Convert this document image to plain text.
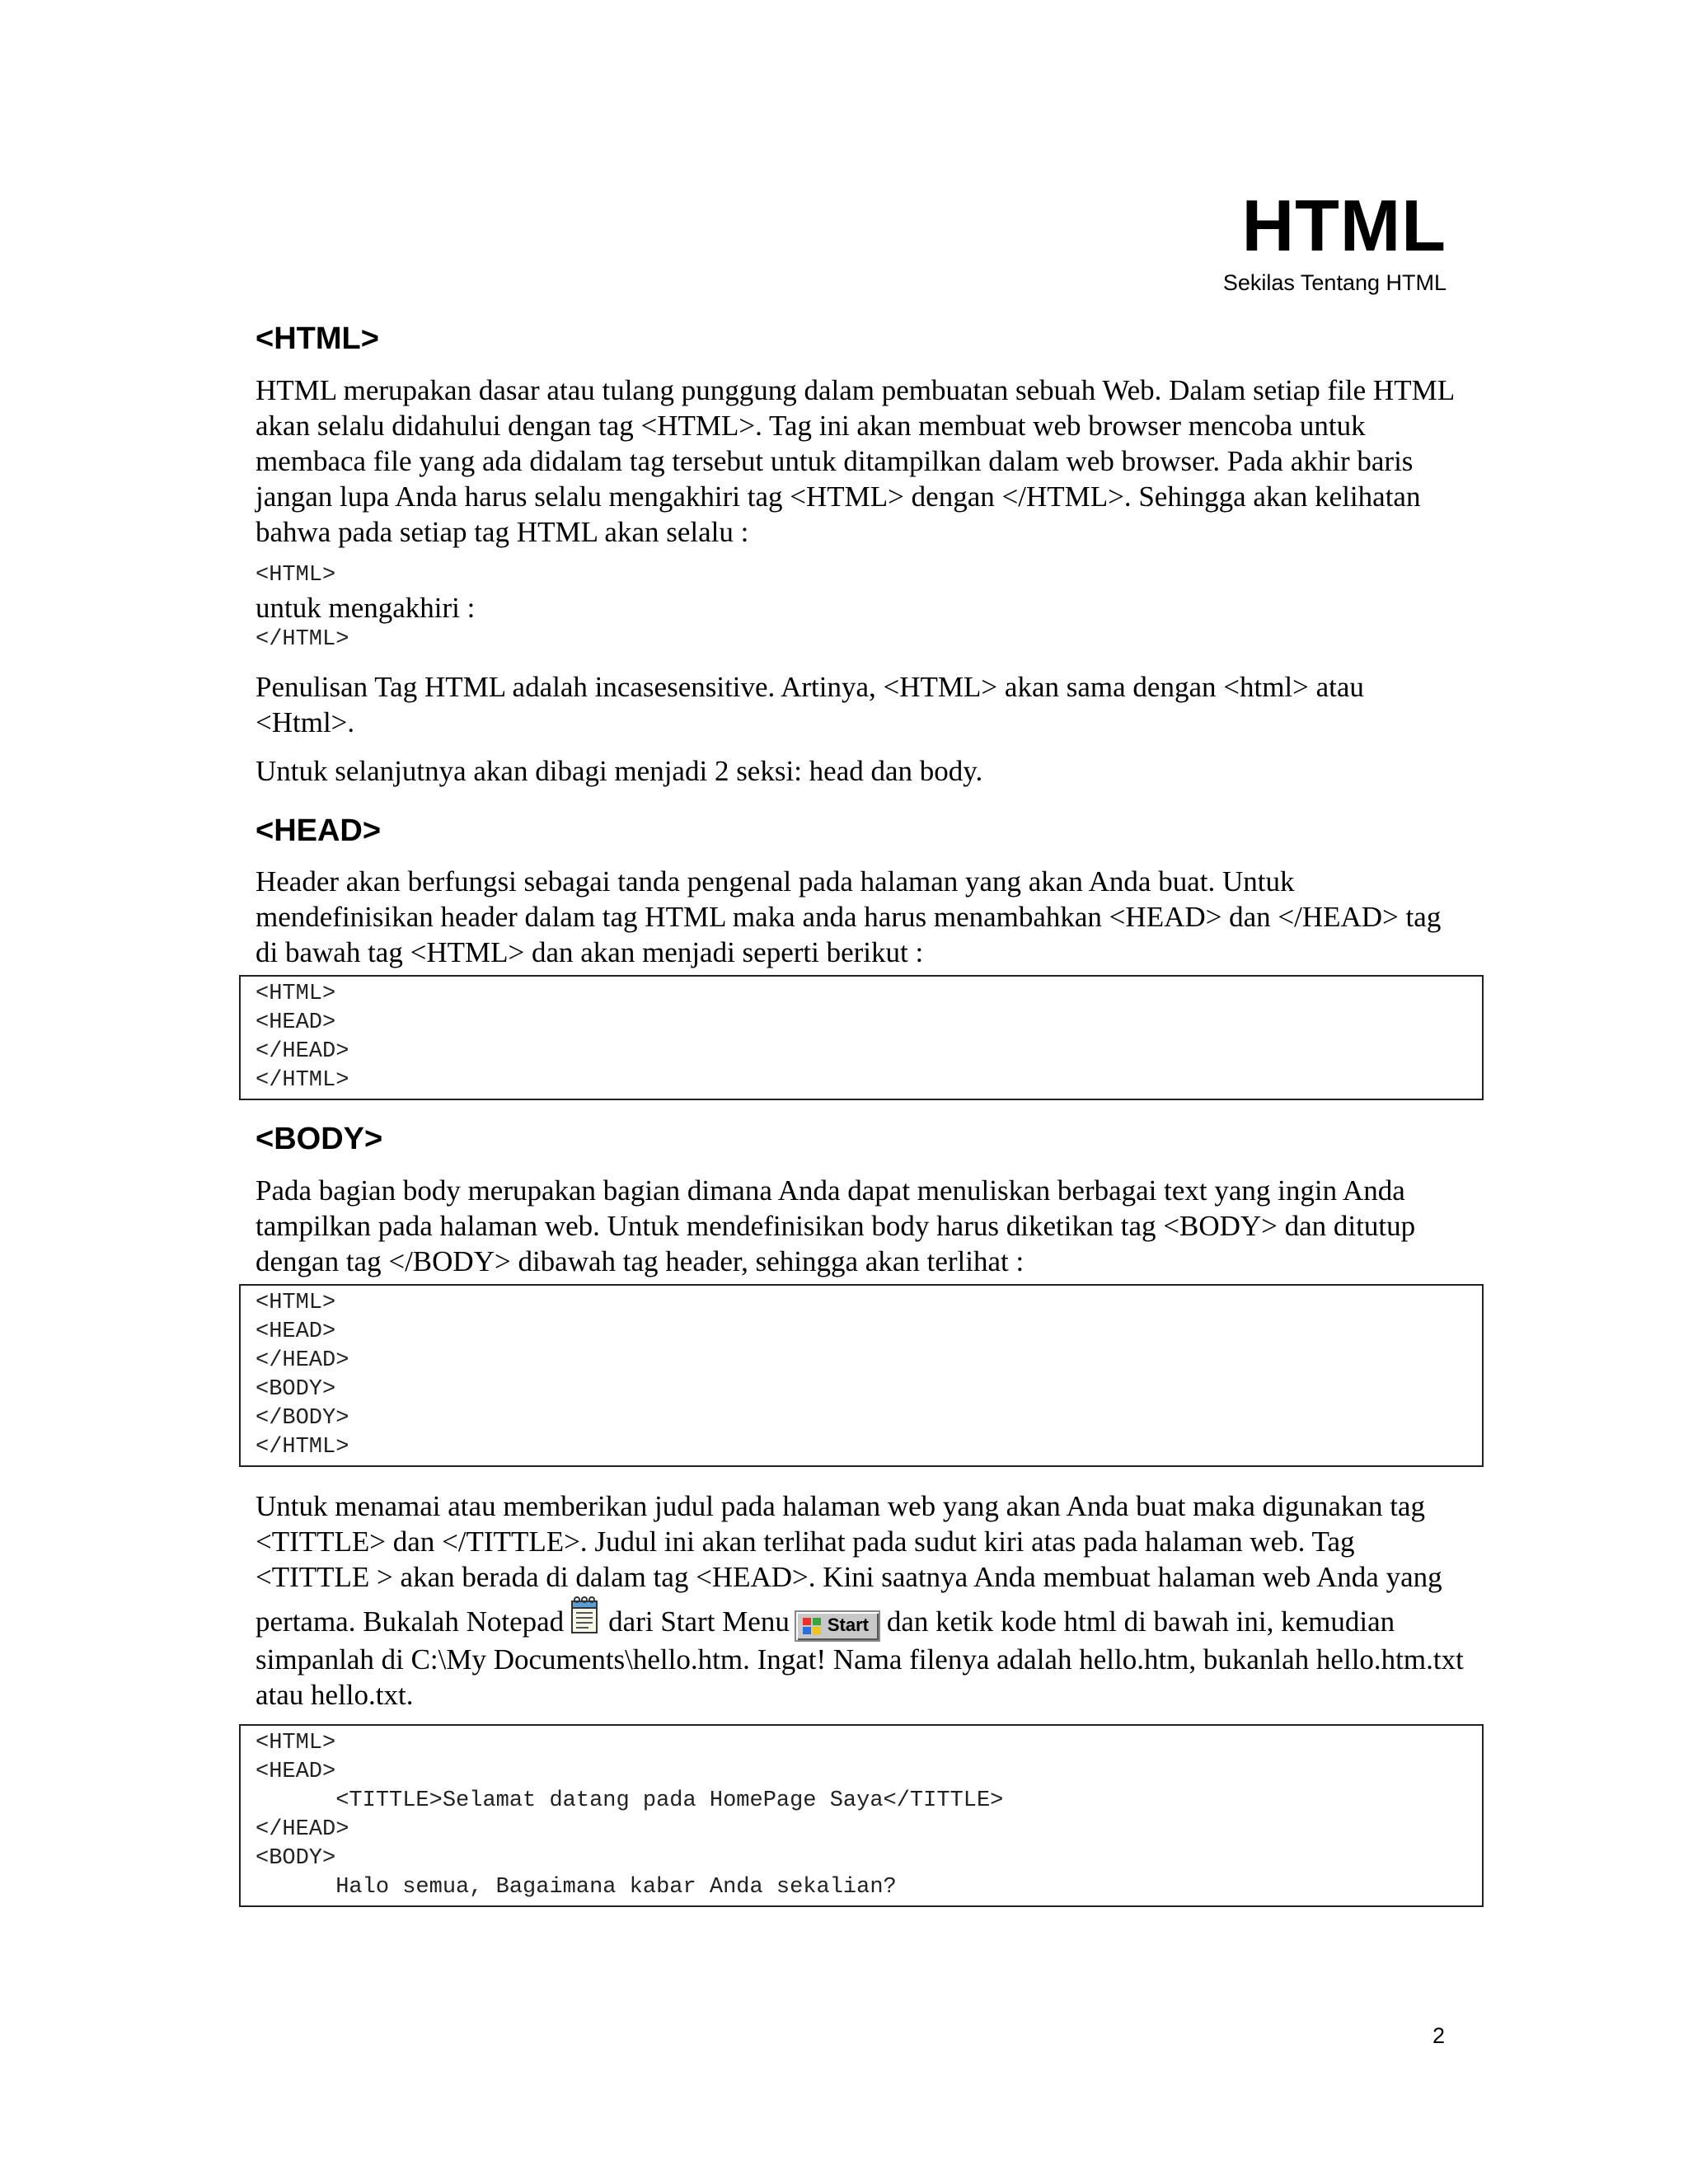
HTML
Sekilas Tentang HTML
<HTML>

HTML merupakan dasar atau tulang punggung dalam pembuatan sebuah Web. Dalam setiap file HTML akan selalu didahului dengan tag <HTML>. Tag ini akan membuat web browser mencoba untuk membaca file yang ada didalam tag tersebut untuk ditampilkan dalam web browser. Pada akhir baris jangan lupa Anda harus selalu mengakhiri tag <HTML> dengan </HTML>. Sehingga akan kelihatan bahwa pada setiap tag HTML akan selalu :

<HTML>

untuk mengakhiri :

</HTML>

Penulisan Tag HTML adalah incasesensitive. Artinya, <HTML> akan sama dengan <html> atau <Html>.

Untuk selanjutnya akan dibagi menjadi 2 seksi: head dan body.

<HEAD>

Header akan berfungsi sebagai tanda pengenal pada halaman yang akan Anda buat. Untuk mendefinisikan header dalam tag HTML maka anda harus menambahkan <HEAD> dan </HEAD> tag di bawah tag <HTML> dan akan menjadi seperti berikut :

<HTML>
<HEAD>
</HEAD>
</HTML>
<BODY>

Pada bagian body merupakan bagian dimana Anda dapat menuliskan berbagai text yang ingin Anda tampilkan pada halaman web. Untuk mendefinisikan body harus diketikan tag <BODY> dan ditutup dengan tag </BODY> dibawah tag header, sehingga akan terlihat :

<HTML>
<HEAD>
</HEAD>
<BODY>
</BODY>
</HTML>

Untuk menamai atau memberikan judul pada halaman web yang akan Anda buat maka digunakan tag <TITTLE> dan </TITTLE>. Judul ini akan terlihat pada sudut kiri atas pada halaman web. Tag <TITTLE > akan berada di dalam tag <HEAD>. Kini saatnya Anda membuat halaman web Anda yang pertama. Bukalah Notepad dari Start Menu Start dan ketik kode html di bawah ini, kemudian simpanlah di C:\My Documents\hello.htm. Ingat! Nama filenya adalah hello.htm, bukanlah hello.htm.txt atau hello.txt.

<HTML>
<HEAD>
<TITTLE>Selamat datang pada HomePage Saya</TITTLE>
</HEAD>
<BODY>
Halo semua, Bagaimana kabar Anda sekalian?
2
